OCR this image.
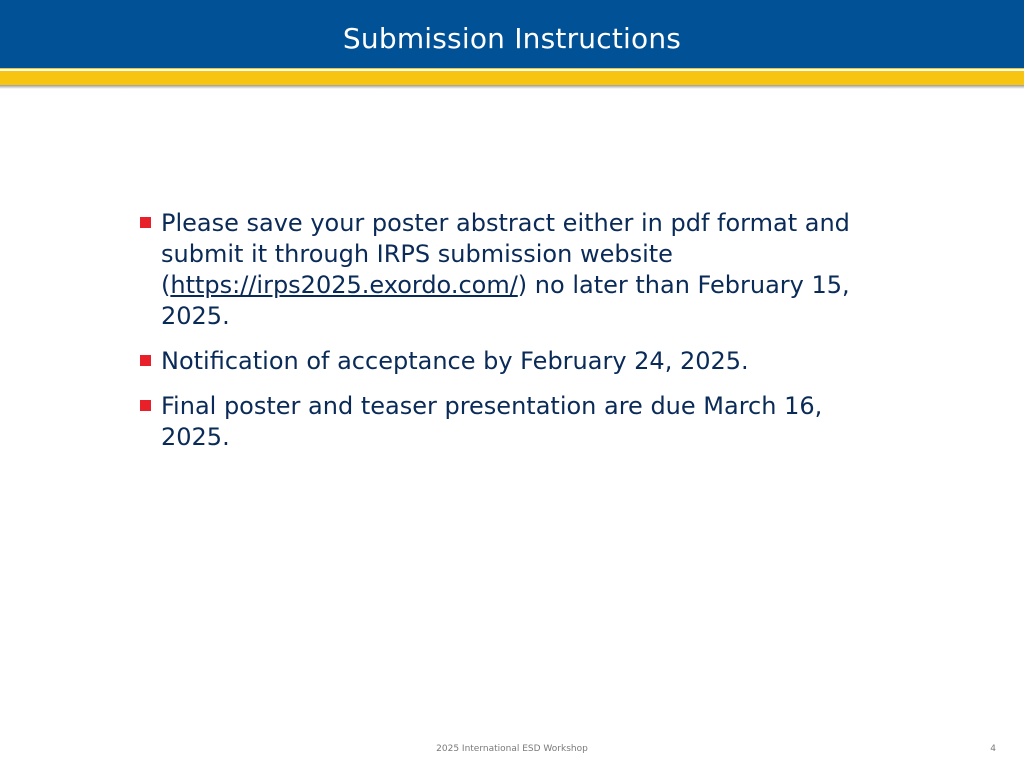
Submission Instructions
Please save your poster abstract either in pdf format and submit it through IRPS submission website (https://irps2025.exordo.com/) no later than February 15, 2025.
Notification of acceptance by February 24, 2025.
Final poster and teaser presentation are due March 16, 2025.
2025 International ESD Workshop	4
